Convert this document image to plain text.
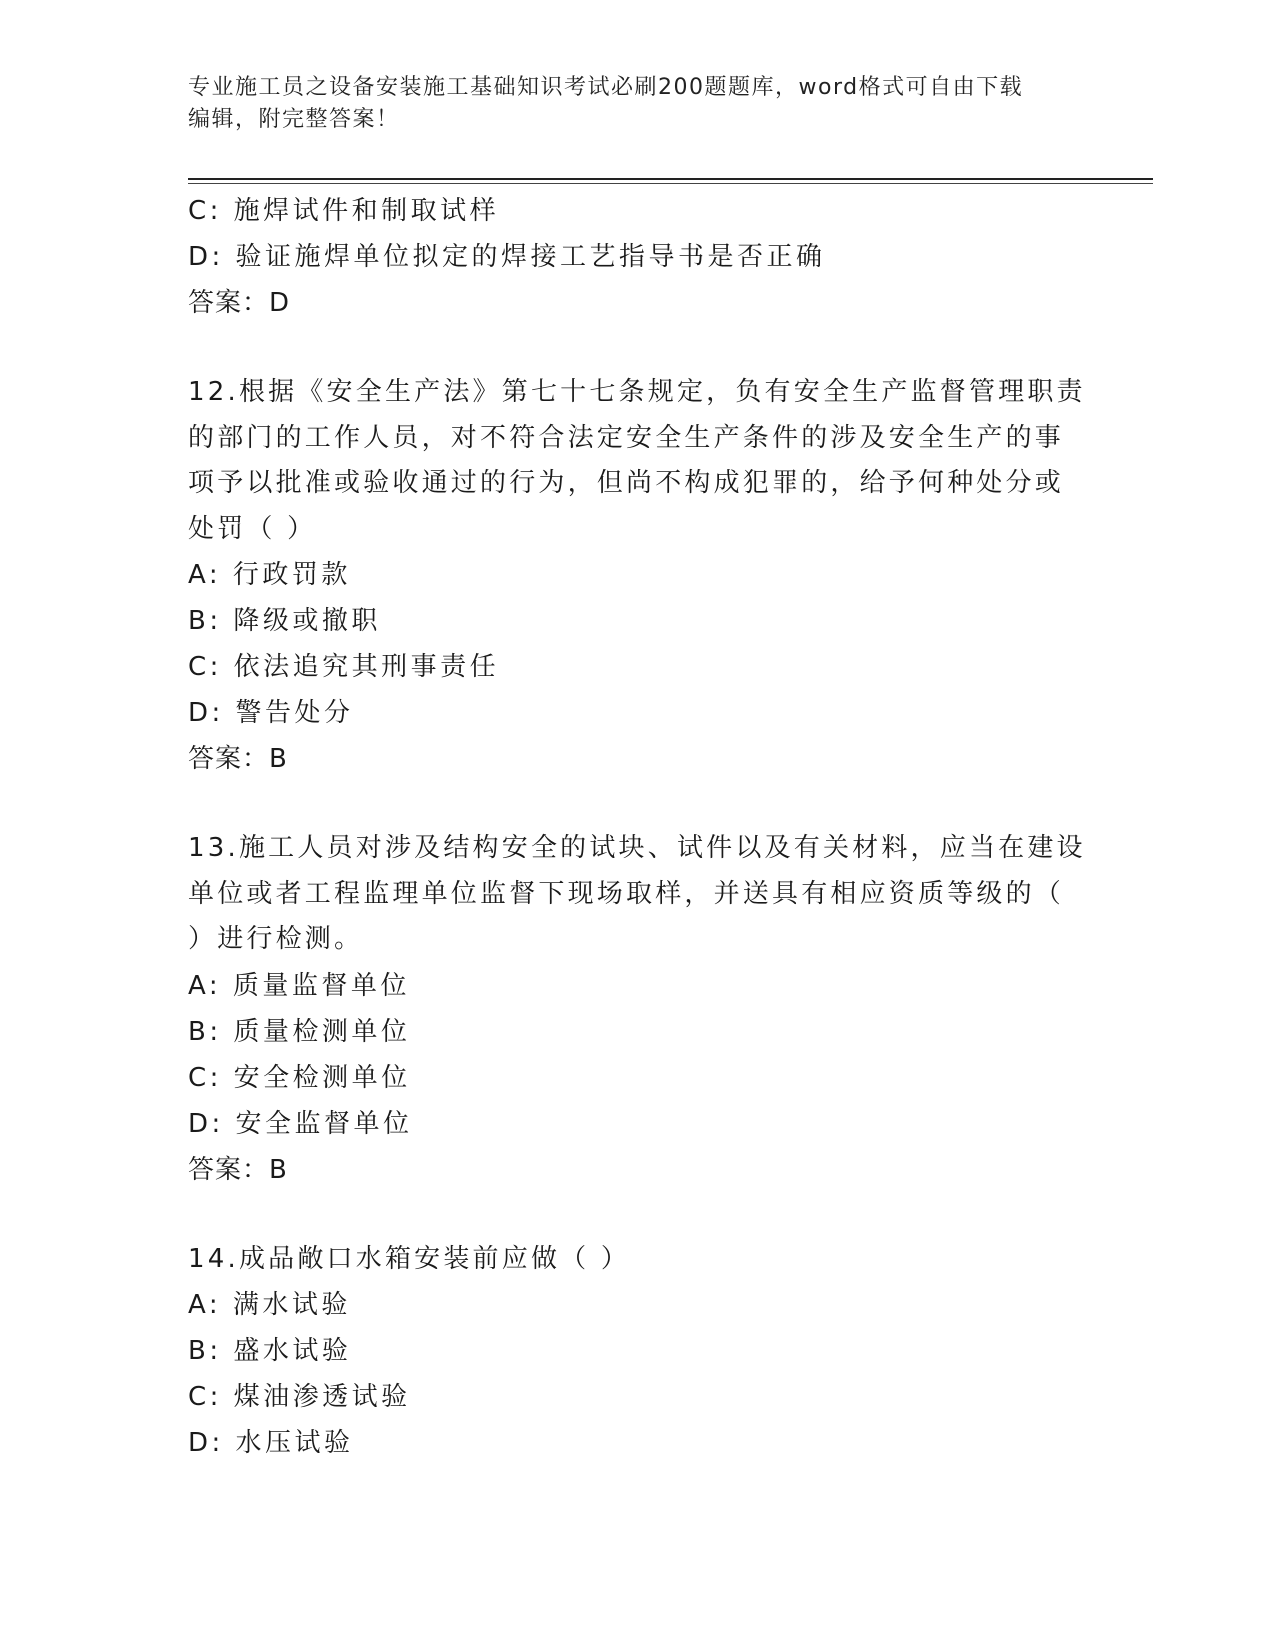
专业施工员之设备安装施工基础知识考试必刷200题题库，word格式可自由下载
编辑，附完整答案！
C: 施焊试件和制取试样
D: 验证施焊单位拟定的焊接工艺指导书是否正确
答案：D
12.根据《安全生产法》第七十七条规定，负有安全生产监督管理职责
的部门的工作人员，对不符合法定安全生产条件的涉及安全生产的事
项予以批准或验收通过的行为，但尚不构成犯罪的，给予何种处分或
处罚（ ）
A: 行政罚款
B: 降级或撤职
C: 依法追究其刑事责任
D: 警告处分
答案：B
13.施工人员对涉及结构安全的试块、试件以及有关材料，应当在建设
单位或者工程监理单位监督下现场取样，并送具有相应资质等级的（
）进行检测。
A: 质量监督单位
B: 质量检测单位
C: 安全检测单位
D: 安全监督单位
答案：B
14.成品敞口水箱安装前应做（ ）
A: 满水试验
B: 盛水试验
C: 煤油渗透试验
D: 水压试验
